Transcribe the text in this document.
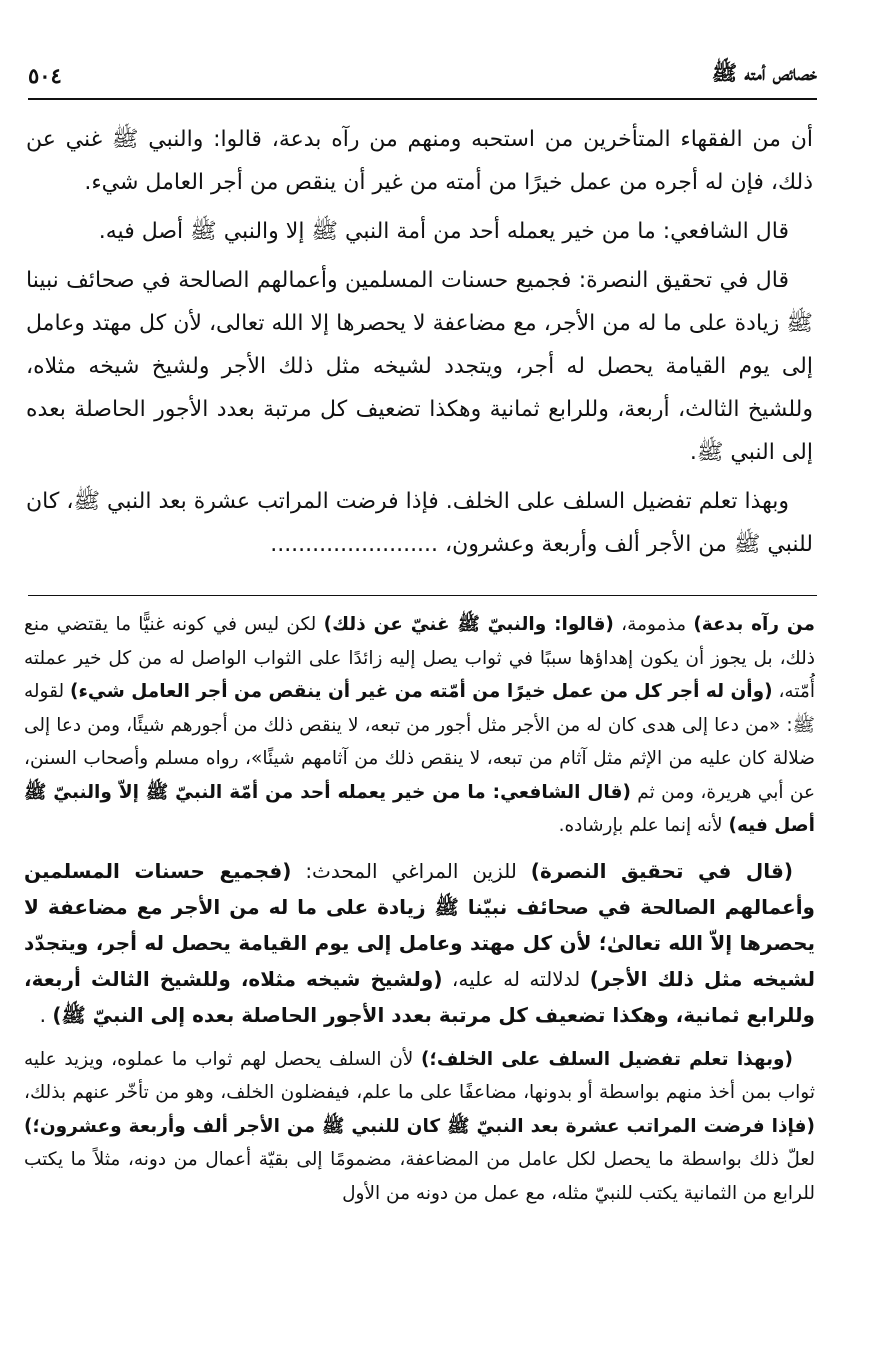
خصائص أمته ﷺ
٥٠٤

أن من الفقهاء المتأخرين من استحبه ومنهم من رآه بدعة، قالوا: والنبي ﷺ غني عن ذلك، فإن له أجره من عمل خيرًا من أمته من غير أن ينقص من أجر العامل شيء.

قال الشافعي: ما من خير يعمله أحد من أمة النبي ﷺ إلا والنبي ﷺ أصل فيه.

قال في تحقيق النصرة: فجميع حسنات المسلمين وأعمالهم الصالحة في صحائف نبينا ﷺ زيادة على ما له من الأجر، مع مضاعفة لا يحصرها إلا الله تعالى، لأن كل مهتد وعامل إلى يوم القيامة يحصل له أجر، ويتجدد لشيخه مثل ذلك الأجر ولشيخ شيخه مثلاه، وللشيخ الثالث، أربعة، وللرابع ثمانية وهكذا تضعيف كل مرتبة بعدد الأجور الحاصلة بعده إلى النبي ﷺ.

وبهذا تعلم تفضيل السلف على الخلف. فإذا فرضت المراتب عشرة بعد النبي ﷺ، كان للنبي ﷺ من الأجر ألف وأربعة وعشرون، ........................

من رآه بدعة) مذمومة، (قالوا: والنبيّ ﷺ غنيّ عن ذلك) لكن ليس في كونه غنيًّا ما يقتضي منع ذلك، بل يجوز أن يكون إهداؤها سببًا في ثواب يصل إليه زائدًا على الثواب الواصل له من كل خير عملته أُمّته، (وأن له أجر كل من عمل خيرًا من أمّته من غير أن ينقص من أجر العامل شيء) لقوله ﷺ: «من دعا إلى هدى كان له من الأجر مثل أجور من تبعه، لا ينقص ذلك من أجورهم شيئًا، ومن دعا إلى ضلالة كان عليه من الإثم مثل آثام من تبعه، لا ينقص ذلك من آثامهم شيئًا»، رواه مسلم وأصحاب السنن، عن أبي هريرة، ومن ثم (قال الشافعي: ما من خير يعمله أحد من أمّة النبيّ ﷺ إلاّ والنبيّ ﷺ أصل فيه) لأنه إنما علم بإرشاده.

(قال في تحقيق النصرة) للزين المراغي المحدث: (فجميع حسنات المسلمين وأعمالهم الصالحة في صحائف نبيّنا ﷺ زيادة على ما له من الأجر مع مضاعفة لا يحصرها إلاّ الله تعالىٰ؛ لأن كل مهتد وعامل إلى يوم القيامة يحصل له أجر، ويتجدّد لشيخه مثل ذلك الأجر) لدلالته له عليه، (ولشيخ شيخه مثلاه، وللشيخ الثالث أربعة، وللرابع ثمانية، وهكذا تضعيف كل مرتبة بعدد الأجور الحاصلة بعده إلى النبيّ ﷺ) .

(وبهذا تعلم تفضيل السلف على الخلف؛) لأن السلف يحصل لهم ثواب ما عملوه، ويزيد عليه ثواب بمن أخذ منهم بواسطة أو بدونها، مضاعفًا على ما علم، فيفضلون الخلف، وهو من تأخّر عنهم بذلك، (فإذا فرضت المراتب عشرة بعد النبيّ ﷺ كان للنبي ﷺ من الأجر ألف وأربعة وعشرون؛) لعلّ ذلك بواسطة ما يحصل لكل عامل من المضاعفة، مضمومًا إلى بقيّة أعمال من دونه، مثلاً ما يكتب للرابع من الثمانية يكتب للنبيّ مثله، مع عمل من دونه من الأول
